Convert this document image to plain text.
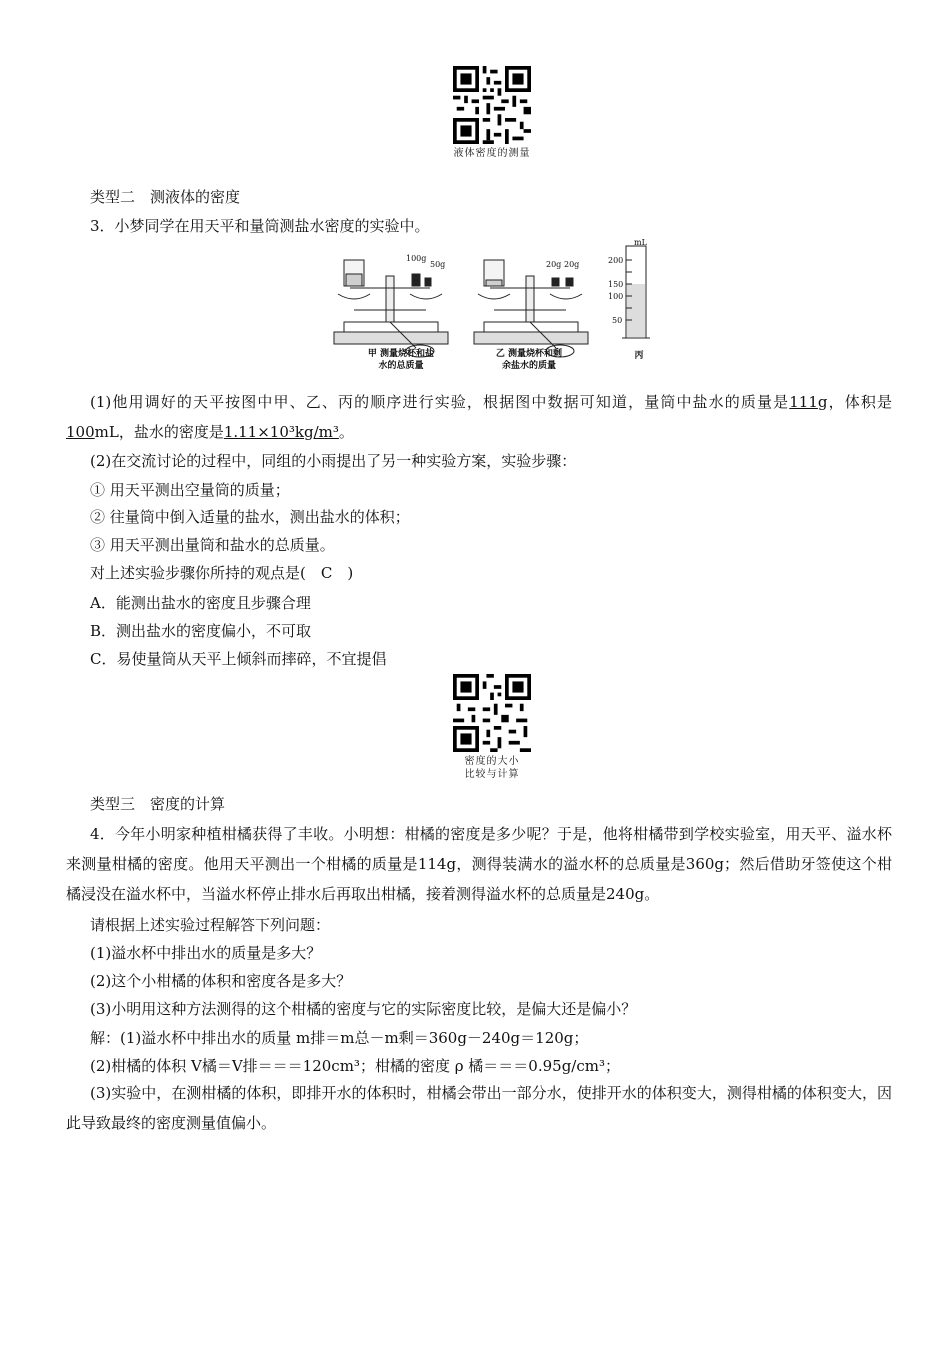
液体密度的测量
类型二　测液体的密度
3．小梦同学在用天平和量筒测盐水密度的实验中。
100g
50g	20g 20g
mL
200
150
100
50
甲 测量烧杯和盐
水的总质量
乙 测量烧杯和剩
余盐水的质量
丙
(1)他用调好的天平按图中甲、乙、丙的顺序进行实验，根据图中数据可知道，量筒中盐水的质量是111g，体积是100mL，盐水的密度是1.11×10³kg/m³。
(2)在交流讨论的过程中，同组的小雨提出了另一种实验方案，实验步骤：
① 用天平测出空量筒的质量；
② 往量筒中倒入适量的盐水，测出盐水的体积；
③ 用天平测出量筒和盐水的总质量。
对上述实验步骤你所持的观点是(　C　)
A．能测出盐水的密度且步骤合理
B．测出盐水的密度偏小，不可取
C．易使量筒从天平上倾斜而摔碎，不宜提倡
密度的大小
比较与计算
类型三　密度的计算
4．今年小明家种植柑橘获得了丰收。小明想：柑橘的密度是多少呢？于是，他将柑橘带到学校实验室，用天平、溢水杯来测量柑橘的密度。他用天平测出一个柑橘的质量是114g，测得装满水的溢水杯的总质量是360g；然后借助牙签使这个柑橘浸没在溢水杯中，当溢水杯停止排水后再取出柑橘，接着测得溢水杯的总质量是240g。
请根据上述实验过程解答下列问题：
(1)溢水杯中排出水的质量是多大？
(2)这个小柑橘的体积和密度各是多大？
(3)小明用这种方法测得的这个柑橘的密度与它的实际密度比较，是偏大还是偏小？
解：(1)溢水杯中排出水的质量 m排＝m总－m剩＝360g－240g＝120g；
(2)柑橘的体积 V橘＝V排＝＝＝120cm³；柑橘的密度 ρ 橘＝＝＝0.95g/cm³；
(3)实验中，在测柑橘的体积，即排开水的体积时，柑橘会带出一部分水，使排开水的体积变大，测得柑橘的体积变大，因此导致最终的密度测量值偏小。
